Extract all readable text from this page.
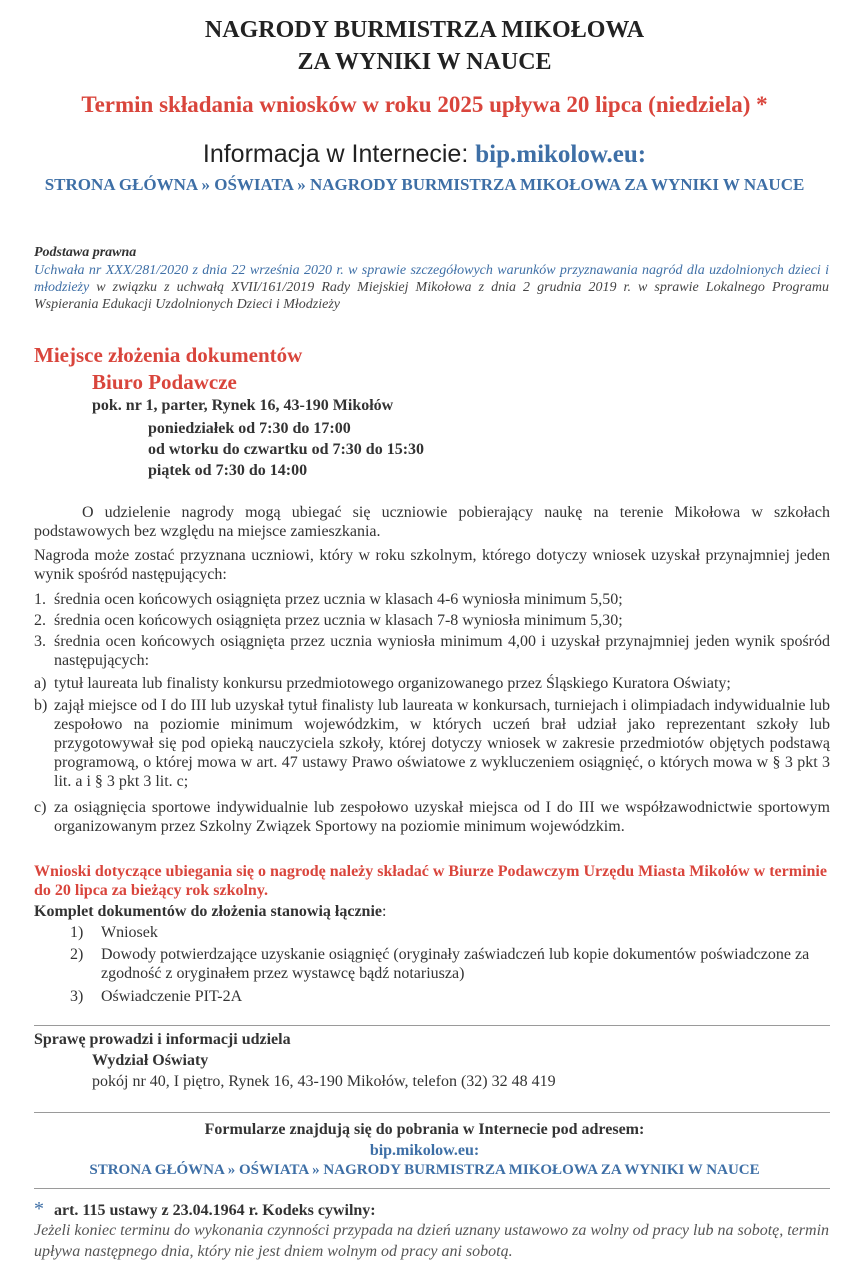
NAGRODY BURMISTRZA MIKOŁOWA
ZA WYNIKI W NAUCE
Termin składania wniosków w roku 2025 upływa 20 lipca (niedziela) *
Informacja w Internecie: bip.mikolow.eu:
STRONA GŁÓWNA » OŚWIATA » NAGRODY BURMISTRZA MIKOŁOWA ZA WYNIKI W NAUCE
Podstawa prawna
Uchwała nr XXX/281/2020 z dnia 22 września 2020 r. w sprawie szczegółowych warunków przyznawania nagród dla uzdolnionych dzieci i młodzieży w związku z uchwałą XVII/161/2019 Rady Miejskiej Mikołowa z dnia 2 grudnia 2019 r. w sprawie Lokalnego Programu Wspierania Edukacji Uzdolnionych Dzieci i Młodzieży
Miejsce złożenia dokumentów
Biuro Podawcze
pok. nr 1, parter, Rynek 16, 43-190 Mikołów
poniedziałek od 7:30 do 17:00
od wtorku do czwartku od 7:30 do 15:30
piątek od 7:30 do 14:00
O udzielenie nagrody mogą ubiegać się uczniowie pobierający naukę na terenie Mikołowa w szkołach podstawowych bez względu na miejsce zamieszkania.
Nagroda może zostać przyznana uczniowi, który w roku szkolnym, którego dotyczy wniosek uzyskał przynajmniej jeden wynik spośród następujących:
1. średnia ocen końcowych osiągnięta przez ucznia w klasach 4-6 wyniosła minimum 5,50;
2. średnia ocen końcowych osiągnięta przez ucznia w klasach 7-8 wyniosła minimum 5,30;
3. średnia ocen końcowych osiągnięta przez ucznia wyniosła minimum 4,00 i uzyskał przynajmniej jeden wynik spośród następujących:
a) tytuł laureata lub finalisty konkursu przedmiotowego organizowanego przez Śląskiego Kuratora Oświaty;
b) zajął miejsce od I do III lub uzyskał tytuł finalisty lub laureata w konkursach, turniejach i olimpiadach indywidualnie lub zespołowo na poziomie minimum wojewódzkim, w których uczeń brał udział jako reprezentant szkoły lub przygotowywał się pod opieką nauczyciela szkoły, której dotyczy wniosek w zakresie przedmiotów objętych podstawą programową, o której mowa w art. 47 ustawy Prawo oświatowe z wykluczeniem osiągnięć, o których mowa w § 3 pkt 3 lit. a i § 3 pkt 3 lit. c;
c) za osiągnięcia sportowe indywidualnie lub zespołowo uzyskał miejsca od I do III we współzawodnictwie sportowym organizowanym przez Szkolny Związek Sportowy na poziomie minimum wojewódzkim.
Wnioski dotyczące ubiegania się o nagrodę należy składać w Biurze Podawczym Urzędu Miasta Mikołów w terminie do 20 lipca za bieżący rok szkolny.
Komplet dokumentów do złożenia stanowią łącznie:
1) Wniosek
2) Dowody potwierdzające uzyskanie osiągnięć (oryginały zaświadczeń lub kopie dokumentów poświadczone za zgodność z oryginałem przez wystawcę bądź notariusza)
3) Oświadczenie PIT-2A
Sprawę prowadzi i informacji udziela
Wydział Oświaty
pokój nr 40, I piętro, Rynek 16, 43-190 Mikołów, telefon (32) 32 48 419
Formularze znajdują się do pobrania w Internecie pod adresem:
bip.mikolow.eu:
STRONA GŁÓWNA » OŚWIATA » NAGRODY BURMISTRZA MIKOŁOWA ZA WYNIKI W NAUCE
* art. 115 ustawy z 23.04.1964 r. Kodeks cywilny:
Jeżeli koniec terminu do wykonania czynności przypada na dzień uznany ustawowo za wolny od pracy lub na sobotę, termin upływa następnego dnia, który nie jest dniem wolnym od pracy ani sobotą.
